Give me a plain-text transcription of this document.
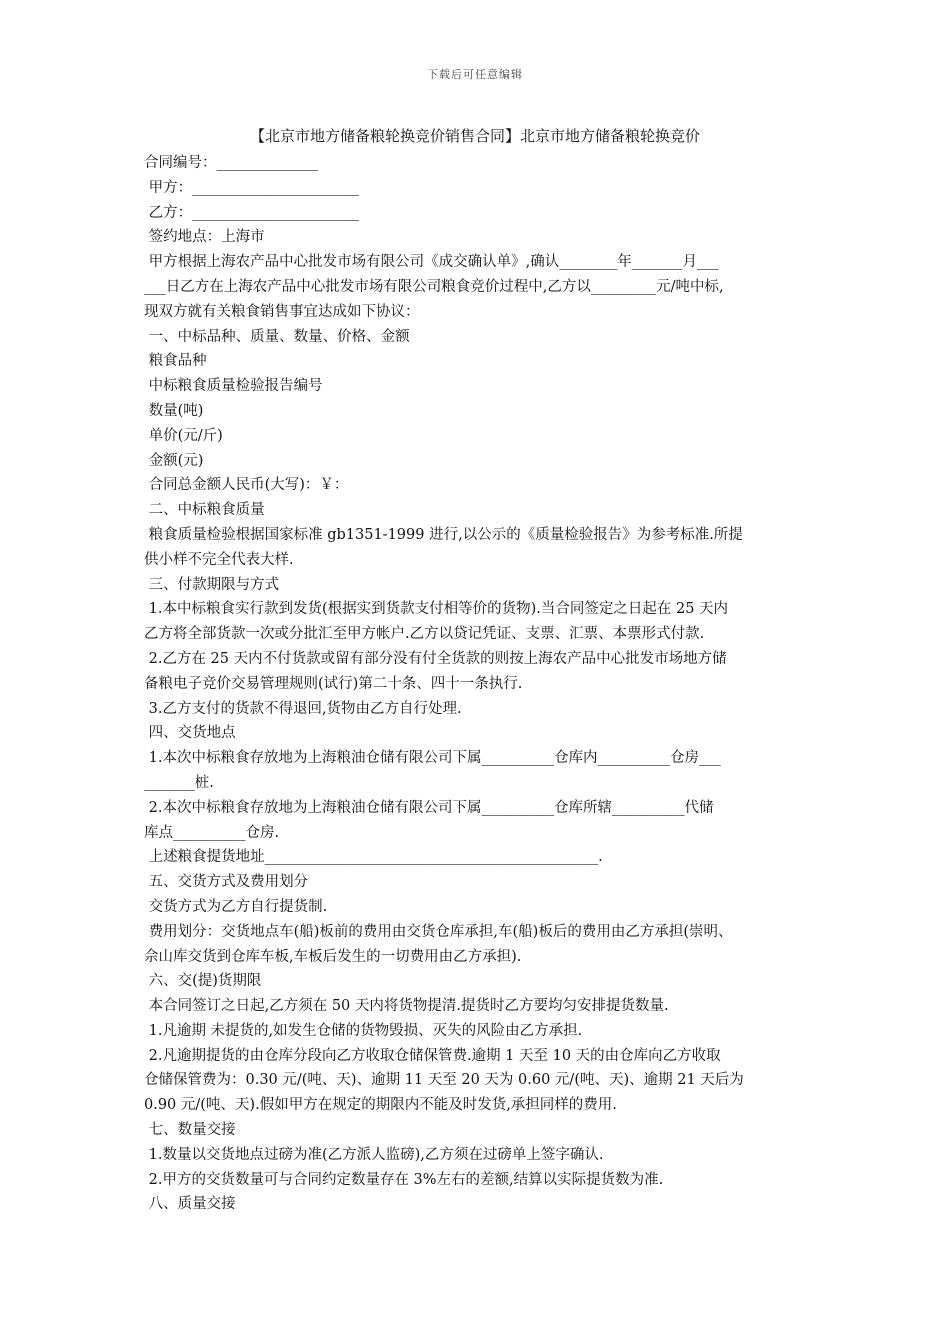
下载后可任意编辑
【北京市地方储备粮轮换竞价销售合同】北京市地方储备粮轮换竞价

合同编号：______________

甲方：_______________________

乙方：_______________________

签约地点：上海市

甲方根据上海农产品中心批发市场有限公司《成交确认单》,确认________年_______月___

___日乙方在上海农产品中心批发市场有限公司粮食竞价过程中,乙方以_________元/吨中标,

现双方就有关粮食销售事宜达成如下协议：

一、中标品种、质量、数量、价格、金额

粮食品种

中标粮食质量检验报告编号

数量(吨)

单价(元/斤)

金额(元)

合同总金额人民币(大写)：￥：

二、中标粮食质量

粮食质量检验根据国家标准 gb1351-1999 进行,以公示的《质量检验报告》为参考标准.所提

供小样不完全代表大样.

三、付款期限与方式

1.本中标粮食实行款到发货(根据实到货款支付相等价的货物).当合同签定之日起在 25 天内

乙方将全部货款一次或分批汇至甲方帐户.乙方以贷记凭证、支票、汇票、本票形式付款.

2.乙方在 25 天内不付货款或留有部分没有付全货款的则按上海农产品中心批发市场地方储

备粮电子竞价交易管理规则(试行)第二十条、四十一条执行.

3.乙方支付的货款不得退回,货物由乙方自行处理.

四、交货地点

1.本次中标粮食存放地为上海粮油仓储有限公司下属__________仓库内__________仓房___

_______桩.

2.本次中标粮食存放地为上海粮油仓储有限公司下属__________仓库所辖__________代储

库点__________仓房.

上述粮食提货地址______________________________________________.

五、交货方式及费用划分

交货方式为乙方自行提货制.

费用划分：交货地点车(船)板前的费用由交货仓库承担,车(船)板后的费用由乙方承担(崇明、

佘山库交货到仓库车板,车板后发生的一切费用由乙方承担).

六、交(提)货期限

本合同签订之日起,乙方须在 50 天内将货物提清.提货时乙方要均匀安排提货数量.

1.凡逾期 未提货的,如发生仓储的货物毁损、灭失的风险由乙方承担.

2.凡逾期提货的由仓库分段向乙方收取仓储保管费.逾期 1 天至 10 天的由仓库向乙方收取

仓储保管费为：0.30 元/(吨、天)、逾期 11 天至 20 天为 0.60 元/(吨、天)、逾期 21 天后为

0.90 元/(吨、天).假如甲方在规定的期限内不能及时发货,承担同样的费用.

七、数量交接

1.数量以交货地点过磅为准(乙方派人监磅),乙方须在过磅单上签字确认.

2.甲方的交货数量可与合同约定数量存在 3%左右的差额,结算以实际提货数为准.

八、质量交接
